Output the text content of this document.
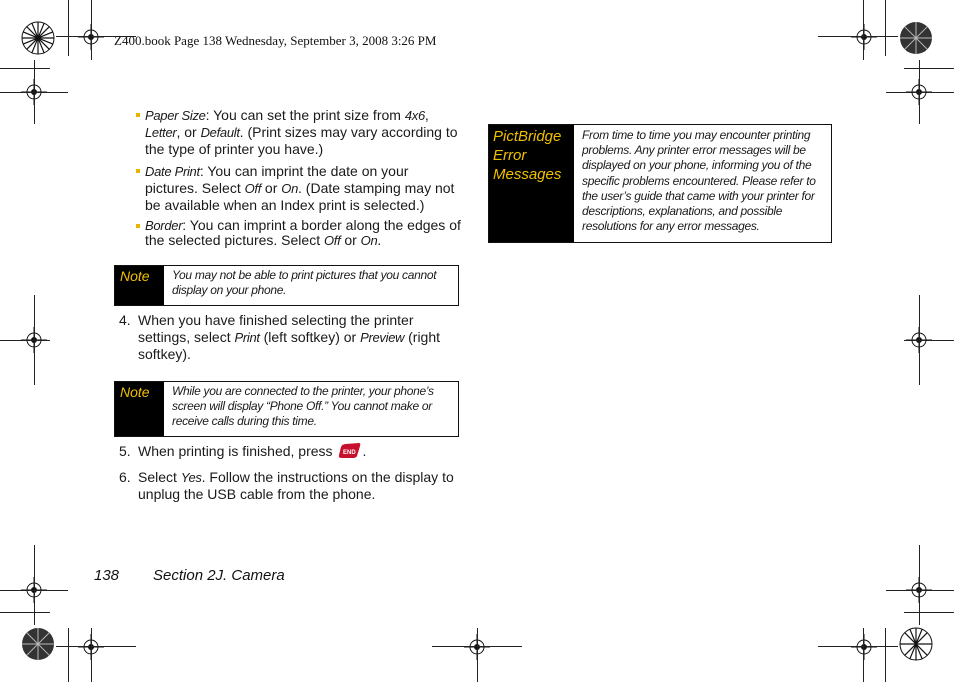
Z400.book Page 138 Wednesday, September 3, 2008 3:26 PM
Paper Size: You can set the print size from 4x6, Letter, or Default. (Print sizes may vary according to the type of printer you have.)
Date Print: You can imprint the date on your pictures. Select Off or On. (Date stamping may not be available when an Index print is selected.)
Border: You can imprint a border along the edges of the selected pictures. Select Off or On.
Note	You may not be able to print pictures that you cannot display on your phone.
4. When you have finished selecting the printer settings, select Print (left softkey) or Preview (right softkey).
Note	While you are connected to the printer, your phone’s screen will display “Phone Off.” You cannot make or receive calls during this time.
5. When printing is finished, press END .
6. Select Yes. Follow the instructions on the display to unplug the USB cable from the phone.
PictBridge
Error
Messages
From time to time you may encounter printing problems. Any printer error messages will be displayed on your phone, informing you of the specific problems encountered. Please refer to the user’s guide that came with your printer for descriptions, explanations, and possible resolutions for any error messages.
138 Section 2J. Camera
